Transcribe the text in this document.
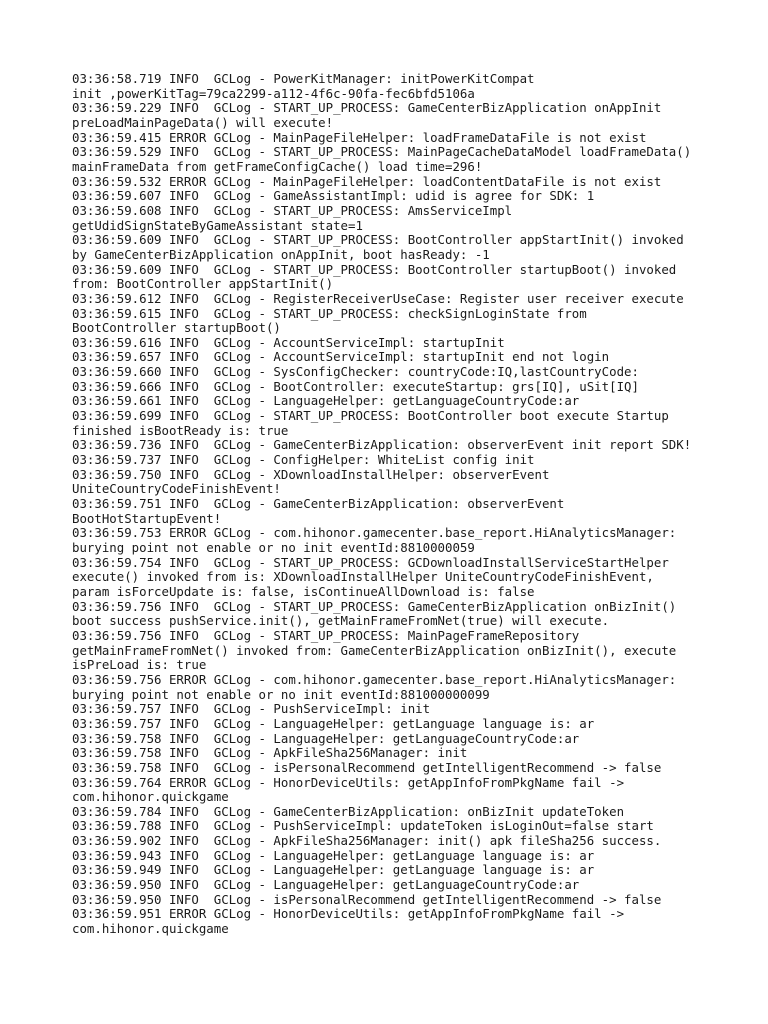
03:36:58.719 INFO  GCLog - PowerKitManager: initPowerKitCompat
init ,powerKitTag=79ca2299-a112-4f6c-90fa-fec6bfd5106a
03:36:59.229 INFO  GCLog - START_UP_PROCESS: GameCenterBizApplication onAppInit
preLoadMainPageData() will execute!
03:36:59.415 ERROR GCLog - MainPageFileHelper: loadFrameDataFile is not exist
03:36:59.529 INFO  GCLog - START_UP_PROCESS: MainPageCacheDataModel loadFrameData()
mainFrameData from getFrameConfigCache() load time=296!
03:36:59.532 ERROR GCLog - MainPageFileHelper: loadContentDataFile is not exist
03:36:59.607 INFO  GCLog - GameAssistantImpl: udid is agree for SDK: 1
03:36:59.608 INFO  GCLog - START_UP_PROCESS: AmsServiceImpl
getUdidSignStateByGameAssistant state=1
03:36:59.609 INFO  GCLog - START_UP_PROCESS: BootController appStartInit() invoked
by GameCenterBizApplication onAppInit, boot hasReady: -1
03:36:59.609 INFO  GCLog - START_UP_PROCESS: BootController startupBoot() invoked
from: BootController appStartInit()
03:36:59.612 INFO  GCLog - RegisterReceiverUseCase: Register user receiver execute
03:36:59.615 INFO  GCLog - START_UP_PROCESS: checkSignLoginState from
BootController startupBoot()
03:36:59.616 INFO  GCLog - AccountServiceImpl: startupInit
03:36:59.657 INFO  GCLog - AccountServiceImpl: startupInit end not login
03:36:59.660 INFO  GCLog - SysConfigChecker: countryCode:IQ,lastCountryCode:
03:36:59.666 INFO  GCLog - BootController: executeStartup: grs[IQ], uSit[IQ]
03:36:59.661 INFO  GCLog - LanguageHelper: getLanguageCountryCode:ar
03:36:59.699 INFO  GCLog - START_UP_PROCESS: BootController boot execute Startup
finished isBootReady is: true
03:36:59.736 INFO  GCLog - GameCenterBizApplication: observerEvent init report SDK!
03:36:59.737 INFO  GCLog - ConfigHelper: WhiteList config init
03:36:59.750 INFO  GCLog - XDownloadInstallHelper: observerEvent
UniteCountryCodeFinishEvent!
03:36:59.751 INFO  GCLog - GameCenterBizApplication: observerEvent
BootHotStartupEvent!
03:36:59.753 ERROR GCLog - com.hihonor.gamecenter.base_report.HiAnalyticsManager:
burying point not enable or no init eventId:8810000059
03:36:59.754 INFO  GCLog - START_UP_PROCESS: GCDownloadInstallServiceStartHelper
execute() invoked from is: XDownloadInstallHelper UniteCountryCodeFinishEvent,
param isForceUpdate is: false, isContinueAllDownload is: false
03:36:59.756 INFO  GCLog - START_UP_PROCESS: GameCenterBizApplication onBizInit()
boot success pushService.init(), getMainFrameFromNet(true) will execute.
03:36:59.756 INFO  GCLog - START_UP_PROCESS: MainPageFrameRepository
getMainFrameFromNet() invoked from: GameCenterBizApplication onBizInit(), execute
isPreLoad is: true
03:36:59.756 ERROR GCLog - com.hihonor.gamecenter.base_report.HiAnalyticsManager:
burying point not enable or no init eventId:881000000099
03:36:59.757 INFO  GCLog - PushServiceImpl: init
03:36:59.757 INFO  GCLog - LanguageHelper: getLanguage language is: ar
03:36:59.758 INFO  GCLog - LanguageHelper: getLanguageCountryCode:ar
03:36:59.758 INFO  GCLog - ApkFileSha256Manager: init
03:36:59.758 INFO  GCLog - isPersonalRecommend getIntelligentRecommend -> false
03:36:59.764 ERROR GCLog - HonorDeviceUtils: getAppInfoFromPkgName fail ->
com.hihonor.quickgame
03:36:59.784 INFO  GCLog - GameCenterBizApplication: onBizInit updateToken
03:36:59.788 INFO  GCLog - PushServiceImpl: updateToken isLoginOut=false start
03:36:59.902 INFO  GCLog - ApkFileSha256Manager: init() apk fileSha256 success.
03:36:59.943 INFO  GCLog - LanguageHelper: getLanguage language is: ar
03:36:59.949 INFO  GCLog - LanguageHelper: getLanguage language is: ar
03:36:59.950 INFO  GCLog - LanguageHelper: getLanguageCountryCode:ar
03:36:59.950 INFO  GCLog - isPersonalRecommend getIntelligentRecommend -> false
03:36:59.951 ERROR GCLog - HonorDeviceUtils: getAppInfoFromPkgName fail ->
com.hihonor.quickgame
